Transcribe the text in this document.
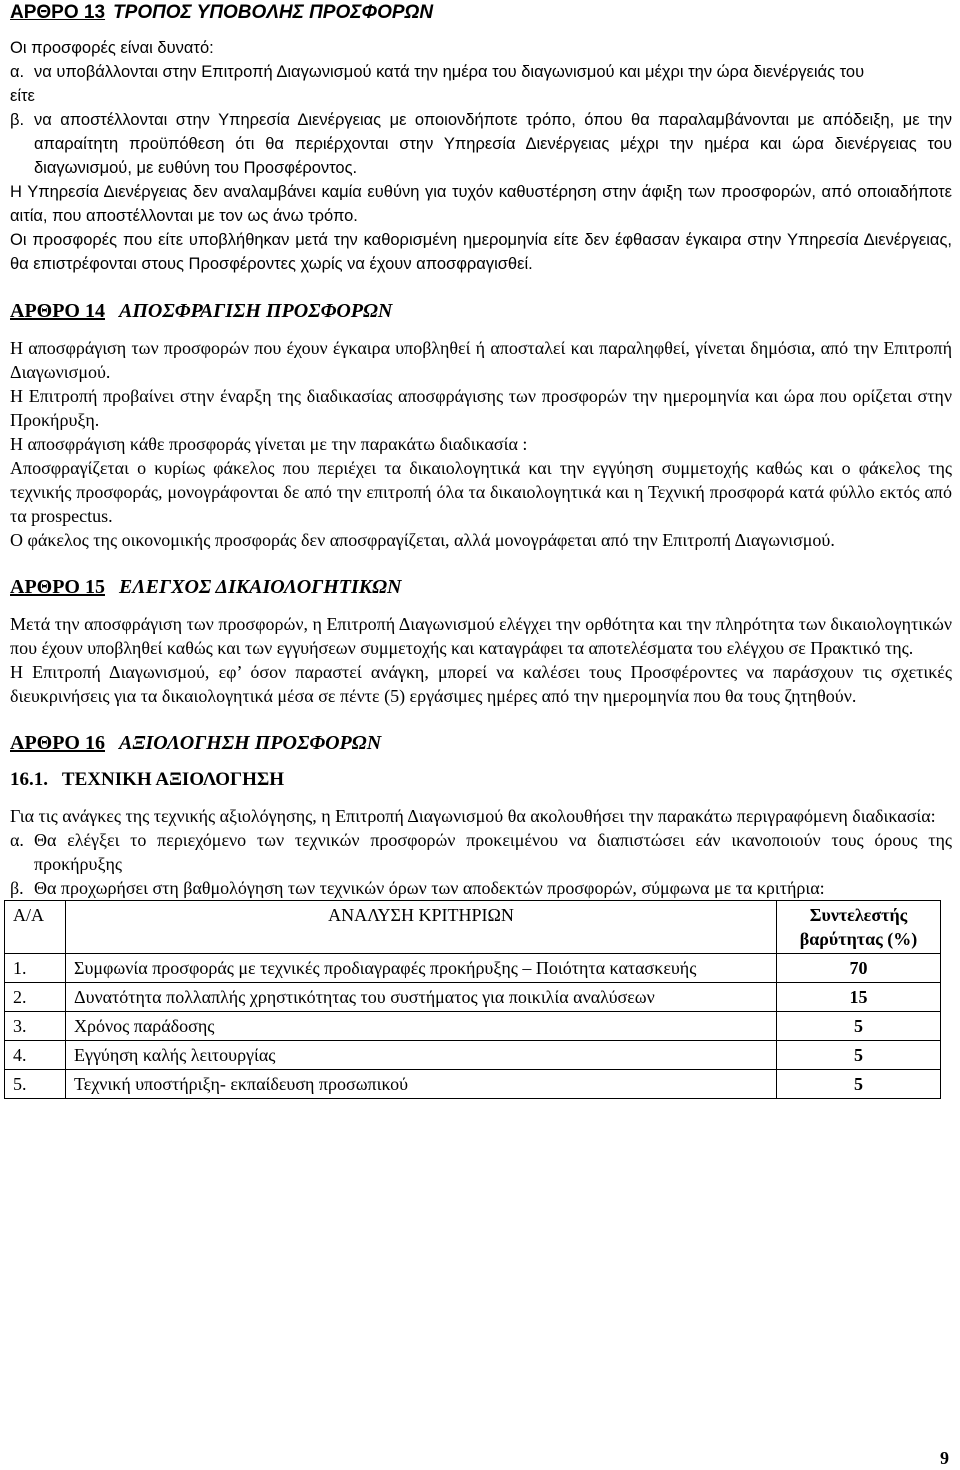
ΑΡΘΡΟ 13 ΤΡΟΠΟΣ ΥΠΟΒΟΛΗΣ ΠΡΟΣΦΟΡΩΝ
Οι προσφορές είναι δυνατό:
α. να υποβάλλονται στην Επιτροπή Διαγωνισμού κατά την ημέρα του διαγωνισμού και μέχρι την ώρα διενέργειάς του
είτε
β. να αποστέλλονται στην Υπηρεσία Διενέργειας με οποιονδήποτε τρόπο, όπου θα παραλαμβάνονται με απόδειξη, με την απαραίτητη προϋπόθεση ότι θα περιέρχονται στην Υπηρεσία Διενέργειας μέχρι την ημέρα και ώρα διενέργειας του διαγωνισμού, με ευθύνη του Προσφέροντος.
Η Υπηρεσία Διενέργειας δεν αναλαμβάνει καμία ευθύνη για τυχόν καθυστέρηση στην άφιξη των προσφορών, από οποιαδήποτε αιτία, που αποστέλλονται με τον ως άνω τρόπο.
Οι προσφορές που είτε υποβλήθηκαν μετά την καθορισμένη ημερομηνία είτε δεν έφθασαν έγκαιρα στην Υπηρεσία Διενέργειας, θα επιστρέφονται στους Προσφέροντες χωρίς να έχουν αποσφραγισθεί.
ΑΡΘΡΟ 14 ΑΠΟΣΦΡΑΓΙΣΗ ΠΡΟΣΦΟΡΩΝ
Η αποσφράγιση των προσφορών που έχουν έγκαιρα υποβληθεί ή αποσταλεί και παραληφθεί, γίνεται δημόσια, από την Επιτροπή Διαγωνισμού.
Η Επιτροπή προβαίνει στην έναρξη της διαδικασίας αποσφράγισης των προσφορών την ημερομηνία και ώρα που ορίζεται στην Προκήρυξη.
Η αποσφράγιση κάθε προσφοράς γίνεται με την παρακάτω διαδικασία :
Αποσφραγίζεται ο κυρίως φάκελος που περιέχει τα δικαιολογητικά και την εγγύηση συμμετοχής καθώς και ο φάκελος της τεχνικής προσφοράς, μονογράφονται δε από την επιτροπή όλα τα δικαιολογητικά και η Τεχνική προσφορά κατά φύλλο εκτός από τα prospectus.
Ο φάκελος της οικονομικής προσφοράς δεν αποσφραγίζεται, αλλά μονογράφεται από την Επιτροπή Διαγωνισμού.
ΑΡΘΡΟ 15 ΕΛΕΓΧΟΣ ΔΙΚΑΙΟΛΟΓΗΤΙΚΩΝ
Μετά την αποσφράγιση των προσφορών, η Επιτροπή Διαγωνισμού ελέγχει την ορθότητα και την πληρότητα των δικαιολογητικών που έχουν υποβληθεί καθώς και των εγγυήσεων συμμετοχής και καταγράφει τα αποτελέσματα του ελέγχου σε Πρακτικό της.
Η Επιτροπή Διαγωνισμού, εφ’ όσον παραστεί ανάγκη, μπορεί να καλέσει τους Προσφέροντες να παράσχουν τις σχετικές διευκρινήσεις για τα δικαιολογητικά μέσα σε πέντε (5) εργάσιμες ημέρες από την ημερομηνία που θα τους ζητηθούν.
ΑΡΘΡΟ 16 ΑΞΙΟΛΟΓΗΣΗ ΠΡΟΣΦΟΡΩΝ
16.1.   ΤΕΧΝΙΚΗ ΑΞΙΟΛΟΓΗΣΗ
Για τις ανάγκες της τεχνικής αξιολόγησης, η Επιτροπή Διαγωνισμού θα ακολουθήσει την παρακάτω περιγραφόμενη διαδικασία:
α. Θα ελέγξει το περιεχόμενο των τεχνικών προσφορών προκειμένου να διαπιστώσει εάν ικανοποιούν τους όρους της προκήρυξης
β. Θα προχωρήσει στη βαθμολόγηση των τεχνικών όρων των αποδεκτών προσφορών, σύμφωνα με τα κριτήρια:
Α/Α	ΑΝΑΛΥΣΗ ΚΡΙΤΗΡΙΩΝ	Συντελεστής βαρύτητας (%)
1.	Συμφωνία προσφοράς με τεχνικές προδιαγραφές προκήρυξης – Ποιότητα κατασκευής	70
2.	Δυνατότητα πολλαπλής χρηστικότητας του συστήματος για ποικιλία αναλύσεων	15
3.	Χρόνος παράδοσης	5
4.	Εγγύηση καλής λειτουργίας	5
5.	Τεχνική υποστήριξη- εκπαίδευση προσωπικού	5
9
